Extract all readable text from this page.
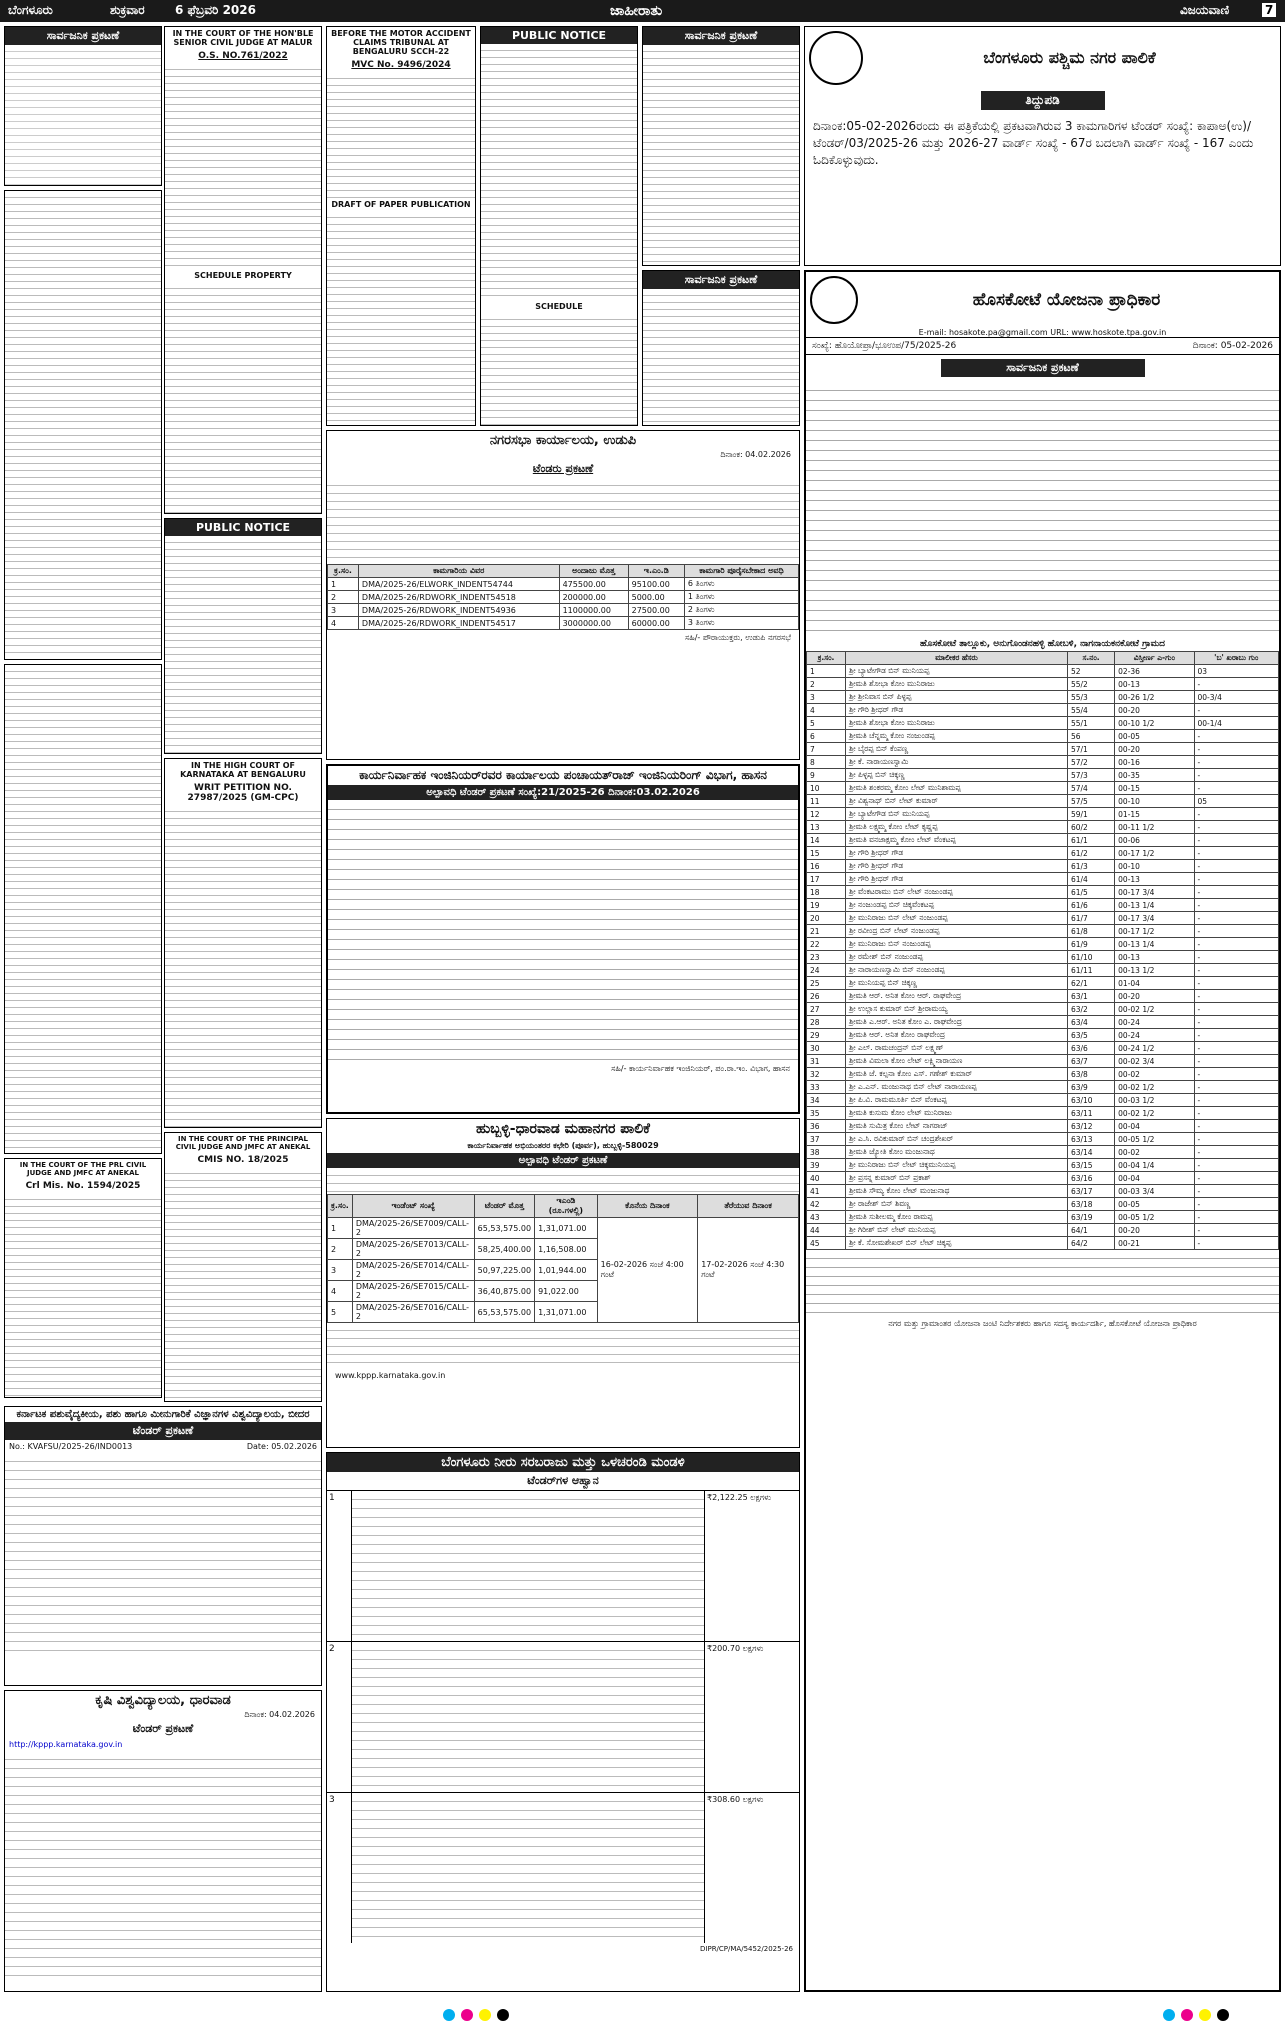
ಬೆಂಗಳೂರು	ಶುಕ್ರವಾರ	6 ಫೆಬ್ರವರಿ 2026	ಜಾಹೀರಾತು	ವಿಜಯವಾಣಿ	7
ಸಾರ್ವಜನಿಕ ಪ್ರಕಟಣೆ
IN THE COURT OF THE PRL CIVIL JUDGE AND JMFC AT ANEKAL
Crl Mis. No. 1594/2025
IN THE COURT OF THE HON'BLE SENIOR CIVIL JUDGE AT MALUR
O.S. NO.761/2022
SCHEDULE PROPERTY
PUBLIC NOTICE
IN THE HIGH COURT OF KARNATAKA AT BENGALURU
WRIT PETITION NO. 27987/2025 (GM-CPC)
IN THE COURT OF THE PRINCIPAL CIVIL JUDGE AND JMFC AT ANEKAL
CMIS NO. 18/2025
BEFORE THE MOTOR ACCIDENT CLAIMS TRIBUNAL AT BENGALURU SCCH-22
MVC No. 9496/2024
DRAFT OF PAPER PUBLICATION
PUBLIC NOTICE
SCHEDULE
ಸಾರ್ವಜನಿಕ ಪ್ರಕಟಣೆ
ಸಾರ್ವಜನಿಕ ಪ್ರಕಟಣೆ
ನಗರಸಭಾ ಕಾರ್ಯಾಲಯ, ಉಡುಪಿ
ದಿನಾಂಕ: 04.02.2026
ಟೆಂಡರು ಪ್ರಕಟಣೆ
ಕ್ರ.ಸಂ.	ಕಾಮಗಾರಿಯ ವಿವರ	ಅಂದಾಜು ಮೊತ್ತ	ಇ.ಎಂ.ಡಿ	ಕಾಮಗಾರಿ ಪೂರೈಸಬೇಕಾದ ಅವಧಿ
1	DMA/2025-26/ELWORK_INDENT54744	475500.00	95100.00	6 ತಿಂಗಳು
2	DMA/2025-26/RDWORK_INDENT54518	200000.00	5000.00	1 ತಿಂಗಳು
3	DMA/2025-26/RDWORK_INDENT54936	1100000.00	27500.00	2 ತಿಂಗಳು
4	DMA/2025-26/RDWORK_INDENT54517	3000000.00	60000.00	3 ತಿಂಗಳು
ಸಹಿ/- ಪೌರಾಯುಕ್ತರು, ಉಡುಪಿ ನಗರಸಭೆ
ಕಾರ್ಯನಿರ್ವಾಹಕ ಇಂಜಿನಿಯರ್‌ರವರ ಕಾರ್ಯಾಲಯ ಪಂಚಾಯತ್‌ರಾಜ್ ಇಂಜಿನಿಯರಿಂಗ್ ವಿಭಾಗ, ಹಾಸನ
ಅಲ್ಪಾವಧಿ ಟೆಂಡರ್ ಪ್ರಕಟಣೆ ಸಂಖ್ಯೆ:21/2025-26 ದಿನಾಂಕ:03.02.2026
ಸಹಿ/- ಕಾರ್ಯನಿರ್ವಾಹಕ ಇಂಜಿನಿಯರ್, ಪಂ.ರಾ.ಇಂ. ವಿಭಾಗ, ಹಾಸನ
ಹುಬ್ಬಳ್ಳಿ-ಧಾರವಾಡ ಮಹಾನಗರ ಪಾಲಿಕೆ
ಕಾರ್ಯನಿರ್ವಾಹಕ ಅಭಿಯಂತರರ ಕಛೇರಿ (ಪೂರ್ವ), ಹುಬ್ಬಳ್ಳಿ-580029
ಅಲ್ಪಾವಧಿ ಟೆಂಡರ್ ಪ್ರಕಟಣೆ
ಕ್ರ.ಸಂ.	ಇಂಡೆಂಟ್ ಸಂಖ್ಯೆ	ಟೆಂಡರ್ ಮೊತ್ತ	ಇಎಂಡಿ (ರೂ.ಗಳಲ್ಲಿ)	ಕೊನೆಯ ದಿನಾಂಕ	ತೆರೆಯುವ ದಿನಾಂಕ
1	DMA/2025-26/SE7009/CALL-2	65,53,575.00	1,31,071.00	16-02-2026 ಸಂಜೆ 4:00 ಗಂಟೆ	17-02-2026 ಸಂಜೆ 4:30 ಗಂಟೆ
2	DMA/2025-26/SE7013/CALL-2	58,25,400.00	1,16,508.00		
3	DMA/2025-26/SE7014/CALL-2	50,97,225.00	1,01,944.00		
4	DMA/2025-26/SE7015/CALL-2	36,40,875.00	91,022.00		
5	DMA/2025-26/SE7016/CALL-2	65,53,575.00	1,31,071.00		
www.kppp.karnataka.gov.in
ಬೆಂಗಳೂರು ನೀರು ಸರಬರಾಜು ಮತ್ತು ಒಳಚರಂಡಿ ಮಂಡಳಿ
ಟೆಂಡರ್‌ಗಳ ಆಹ್ವಾನ
1	₹2,122.25 ಲಕ್ಷಗಳು
2	₹200.70 ಲಕ್ಷಗಳು
3	₹308.60 ಲಕ್ಷಗಳು
DIPR/CP/MA/5452/2025-26
ಕರ್ನಾಟಕ ಪಶುವೈದ್ಯಕೀಯ, ಪಶು ಹಾಗೂ ಮೀನುಗಾರಿಕೆ ವಿಜ್ಞಾನಗಳ ವಿಶ್ವವಿದ್ಯಾಲಯ, ಬೀದರ
ಟೆಂಡರ್ ಪ್ರಕಟಣೆ
No.: KVAFSU/2025-26/IND0013	Date: 05.02.2026
ಕೃಷಿ ವಿಶ್ವವಿದ್ಯಾಲಯ, ಧಾರವಾಡ
ದಿನಾಂಕ: 04.02.2026
ಟೆಂಡರ್ ಪ್ರಕಟಣೆ
http://kppp.karnataka.gov.in
ಬೆಂಗಳೂರು ಪಶ್ಚಿಮ ನಗರ ಪಾಲಿಕೆ
ತಿದ್ದುಪಡಿ
ದಿನಾಂಕ:05-02-2026ರಂದು ಈ ಪತ್ರಿಕೆಯಲ್ಲಿ ಪ್ರಕಟವಾಗಿರುವ 3 ಕಾಮಗಾರಿಗಳ ಟೆಂಡರ್ ಸಂಖ್ಯೆ: ಕಾಪಾಅ(ಉ)/ಟೆಂಡರ್/03/2025-26 ಮತ್ತು 2026-27 ವಾರ್ಡ್ ಸಂಖ್ಯೆ - 67ರ ಬದಲಾಗಿ ವಾರ್ಡ್ ಸಂಖ್ಯೆ - 167 ಎಂದು ಓದಿಕೊಳ್ಳುವುದು.
ಹೊಸಕೋಟೆ ಯೋಜನಾ ಪ್ರಾಧಿಕಾರ
E-mail: hosakote.pa@gmail.com URL: www.hoskote.tpa.gov.in
ಸಂಖ್ಯೆ: ಹೊಯೋಪ್ರಾ/ಭೂಉಪ/75/2025-26	ದಿನಾಂಕ: 05-02-2026
ಸಾರ್ವಜನಿಕ ಪ್ರಕಟಣೆ
ಹೊಸಕೋಟೆ ತಾಲ್ಲೂಕು, ಅನುಗೊಂಡನಹಳ್ಳಿ ಹೋಬಳಿ, ನಾಗನಾಯಕನಕೋಟೆ ಗ್ರಾಮದ
ಕ್ರ.ಸಂ.	ಮಾಲೀಕರ ಹೆಸರು	ಸ.ನಂ.	ವಿಸ್ತೀರ್ಣ ಎ-ಗುಂ	'ಬ' ಖರಾಬು ಗುಂ
1	ಶ್ರೀ ಬ್ಯಾಟೇಗೌಡ ಬಿನ್ ಮುನಿಯಪ್ಪ	52	02-36	03
2	ಶ್ರೀಮತಿ ಶೋಭಾ ಕೋಂ ಮುನಿರಾಜು	55/2	00-13	-
3	ಶ್ರೀ ಶ್ರೀನಿವಾಸ ಬಿನ್ ಪಿಳ್ಳಪ್ಪ	55/3	00-26 1/2	00-3/4
4	ಶ್ರೀ ಗೌರಿ ಶ್ರೀಧರ್ ಗೌಡ	55/4	00-20	-
5	ಶ್ರೀಮತಿ ಶೋಭಾ ಕೋಂ ಮುನಿರಾಜು	55/1	00-10 1/2	00-1/4
6	ಶ್ರೀಮತಿ ಚೆನ್ನಮ್ಮ ಕೋಂ ನಂಜುಂಡಪ್ಪ	56	00-05	-
7	ಶ್ರೀ ಬೈರಪ್ಪ ಬಿನ್ ಕೆಂಪಣ್ಣ	57/1	00-20	-
8	ಶ್ರೀ ಕೆ. ನಾರಾಯಣಸ್ವಾಮಿ	57/2	00-16	-
9	ಶ್ರೀ ಪಿಳ್ಳಪ್ಪ ಬಿನ್ ಚಿಕ್ಕಣ್ಣ	57/3	00-35	-
10	ಶ್ರೀಮತಿ ಶಂಕರಮ್ಮ ಕೋಂ ಲೇಟ್ ಮುನಿಶಾಮಪ್ಪ	57/4	00-15	-
11	ಶ್ರೀ ವಿಶ್ವನಾಥ್ ಬಿನ್ ಲೇಟ್ ಕುಮಾರ್	57/5	00-10	05
12	ಶ್ರೀ ಬ್ಯಾಟೇಗೌಡ ಬಿನ್ ಮುನಿಯಪ್ಪ	59/1	01-15	-
13	ಶ್ರೀಮತಿ ಲಕ್ಷ್ಮಮ್ಮ ಕೋಂ ಲೇಟ್ ಕೃಷ್ಣಪ್ಪ	60/2	00-11 1/2	-
14	ಶ್ರೀಮತಿ ವನಜಾಕ್ಷಮ್ಮ ಕೋಂ ಲೇಟ್ ವೆಂಕಟಪ್ಪ	61/1	00-06	-
15	ಶ್ರೀ ಗೌರಿ ಶ್ರೀಧರ್ ಗೌಡ	61/2	00-17 1/2	-
16	ಶ್ರೀ ಗೌರಿ ಶ್ರೀಧರ್ ಗೌಡ	61/3	00-10	-
17	ಶ್ರೀ ಗೌರಿ ಶ್ರೀಧರ್ ಗೌಡ	61/4	00-13	-
18	ಶ್ರೀ ವೆಂಕಟರಾಮು ಬಿನ್ ಲೇಟ್ ನಂಜುಂಡಪ್ಪ	61/5	00-17 3/4	-
19	ಶ್ರೀ ನಂಜುಂಡಪ್ಪ ಬಿನ್ ಚಿಕ್ಕವೆಂಕಟಪ್ಪ	61/6	00-13 1/4	-
20	ಶ್ರೀ ಮುನಿರಾಜು ಬಿನ್ ಲೇಟ್ ನಂಜುಂಡಪ್ಪ	61/7	00-17 3/4	-
21	ಶ್ರೀ ರವೀಂದ್ರ ಬಿನ್ ಲೇಟ್ ನಂಜುಂಡಪ್ಪ	61/8	00-17 1/2	-
22	ಶ್ರೀ ಮುನಿರಾಜು ಬಿನ್ ನಂಜುಂಡಪ್ಪ	61/9	00-13 1/4	-
23	ಶ್ರೀ ರಮೇಶ್ ಬಿನ್ ನಂಜುಂಡಪ್ಪ	61/10	00-13	-
24	ಶ್ರೀ ನಾರಾಯಣಸ್ವಾಮಿ ಬಿನ್ ನಂಜುಂಡಪ್ಪ	61/11	00-13 1/2	-
25	ಶ್ರೀ ಮುನಿಯಪ್ಪ ಬಿನ್ ಚಿಕ್ಕಣ್ಣ	62/1	01-04	-
26	ಶ್ರೀಮತಿ ಆರ್. ಅನಿತ ಕೋಂ ಆರ್. ರಾಘವೇಂದ್ರ	63/1	00-20	-
27	ಶ್ರೀ ಉಲ್ಲಾಸ ಕುಮಾರ್ ಬಿನ್ ಶ್ರೀರಾಮಯ್ಯ	63/2	00-02 1/2	-
28	ಶ್ರೀಮತಿ ಎ.ಆರ್. ಅನಿತ ಕೋಂ ಎ. ರಾಘವೇಂದ್ರ	63/4	00-24	-
29	ಶ್ರೀಮತಿ ಆರ್. ಅನಿತ ಕೋಂ ರಾಘವೇಂದ್ರ	63/5	00-24	-
30	ಶ್ರೀ ಎಲ್. ರಾಮಚಂದ್ರನ್ ಬಿನ್ ಲಕ್ಷ್ಮಣ್	63/6	00-24 1/2	-
31	ಶ್ರೀಮತಿ ವಿಮಲಾ ಕೋಂ ಲೇಟ್ ಲಕ್ಷ್ಮಿನಾರಾಯಣ	63/7	00-02 3/4	-
32	ಶ್ರೀಮತಿ ಜೆ. ಕಲ್ಪನಾ ಕೋಂ ಎಸ್. ಗಣೇಶ್ ಕುಮಾರ್	63/8	00-02	-
33	ಶ್ರೀ ಎ.ಎನ್. ಮಂಜುನಾಥ ಬಿನ್ ಲೇಟ್ ನಾರಾಯಣಪ್ಪ	63/9	00-02 1/2	-
34	ಶ್ರೀ ಪಿ.ವಿ. ರಾಮಮೂರ್ತಿ ಬಿನ್ ವೆಂಕಟಪ್ಪ	63/10	00-03 1/2	-
35	ಶ್ರೀಮತಿ ಕುಸುಮ ಕೋಂ ಲೇಟ್ ಮುನಿರಾಜು	63/11	00-02 1/2	-
36	ಶ್ರೀಮತಿ ಸುಮಿತ್ರ ಕೋಂ ಲೇಟ್ ನಾಗರಾಜ್	63/12	00-04	-
37	ಶ್ರೀ ಎ.ಸಿ. ರವಿಕುಮಾರ್ ಬಿನ್ ಚಂದ್ರಶೇಖರ್	63/13	00-05 1/2	-
38	ಶ್ರೀಮತಿ ಜ್ಯೋತಿ ಕೋಂ ಮಂಜುನಾಥ	63/14	00-02	-
39	ಶ್ರೀ ಮುನಿರಾಜು ಬಿನ್ ಲೇಟ್ ಚಿಕ್ಕಮುನಿಯಪ್ಪ	63/15	00-04 1/4	-
40	ಶ್ರೀ ಪ್ರಸನ್ನ ಕುಮಾರ್ ಬಿನ್ ಪ್ರಕಾಶ್	63/16	00-04	-
41	ಶ್ರೀಮತಿ ಸೌಮ್ಯ ಕೋಂ ಲೇಟ್ ಮಂಜುನಾಥ	63/17	00-03 3/4	-
42	ಶ್ರೀ ರಾಜೇಶ್ ಬಿನ್ ಶಿವಣ್ಣ	63/18	00-05	-
43	ಶ್ರೀಮತಿ ಸುಶೀಲಮ್ಮ ಕೋಂ ರಾಮಪ್ಪ	63/19	00-05 1/2	-
44	ಶ್ರೀ ಗಿರೀಶ್ ಬಿನ್ ಲೇಟ್ ಮುನಿಯಪ್ಪ	64/1	00-20	-
45	ಶ್ರೀ ಕೆ. ಸೋಮಶೇಖರ್ ಬಿನ್ ಲೇಟ್ ಚಿಕ್ಕಪ್ಪ	64/2	00-21	-
ನಗರ ಮತ್ತು ಗ್ರಾಮಾಂತರ ಯೋಜನಾ ಜಂಟಿ ನಿರ್ದೇಶಕರು ಹಾಗೂ ಸದಸ್ಯ ಕಾರ್ಯದರ್ಶಿ, ಹೊಸಕೋಟೆ ಯೋಜನಾ ಪ್ರಾಧಿಕಾರ
